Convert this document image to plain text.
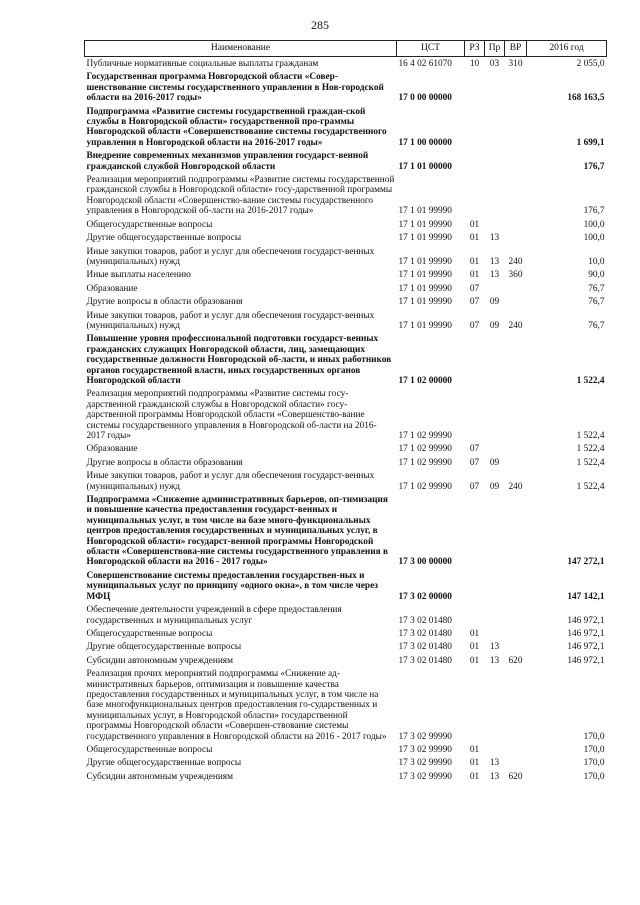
285
Наименование	ЦСТ	РЗ	Пр	ВР	2016 год
Публичные нормативные социальные выплаты гражданам	16 4 02 61070	10	03	310	2 055,0
Государственная программа Новгородской области «Совер-шенствование системы государственного управления в Нов-городской области на 2016-2017 годы»	17 0 00 00000				168 163,5
Подпрограмма «Развитие системы государственной граждан-ской службы в Новгородской области» государственной про-граммы Новгородской области «Совершенствование системы государственного управления в Новгородской области на 2016-2017 годы»	17 1 00 00000				1 699,1
Внедрение современных механизмов управления государст-венной гражданской службой Новгородской области	17 1 01 00000				176,7
Реализация мероприятий подпрограммы «Развитие системы государственной гражданской службы в Новгородской области» госу-дарственной программы Новгородской области «Совершенство-вание системы государственного управления в Новгородской об-ласти на 2016-2017 годы»	17 1 01 99990				176,7
Общегосударственные вопросы	17 1 01 99990	01			100,0
Другие общегосударственные вопросы	17 1 01 99990	01	13		100,0
Иные закупки товаров, работ и услуг для обеспечения государст-венных (муниципальных) нужд	17 1 01 99990	01	13	240	10,0
Иные выплаты населению	17 1 01 99990	01	13	360	90,0
Образование	17 1 01 99990	07			76,7
Другие вопросы в области образования	17 1 01 99990	07	09		76,7
Иные закупки товаров, работ и услуг для обеспечения государст-венных (муниципальных) нужд	17 1 01 99990	07	09	240	76,7
Повышение уровня профессиональной подготовки государст-венных гражданских служащих Новгородской области, лиц, замещающих государственные должности Новгородской об-ласти, и иных работников органов государственной власти, иных государственных органов Новгородской области	17 1 02 00000				1 522,4
Реализация мероприятий подпрограммы «Развитие системы госу-дарственной гражданской службы в Новгородской области» госу-дарственной программы Новгородской области «Совершенство-вание системы государственного управления в Новгородской об-ласти на 2016-2017 годы»	17 1 02 99990				1 522,4
Образование	17 1 02 99990	07			1 522,4
Другие вопросы в области образования	17 1 02 99990	07	09		1 522,4
Иные закупки товаров, работ и услуг для обеспечения государст-венных (муниципальных) нужд	17 1 02 99990	07	09	240	1 522,4
Подпрограмма «Снижение административных барьеров, оп-тимизация и повышение качества предоставления государст-венных и муниципальных услуг, в том числе на базе много-функциональных центров предоставления государственных и муниципальных услуг, в Новгородской области» государст-венной программы Новгородской области «Совершенствова-ние системы государственного управления в Новгородской области на 2016 - 2017 годы»	17 3 00 00000				147 272,1
Совершенствование системы предоставления государствен-ных и муниципальных услуг по принципу «одного окна», в том числе через МФЦ	17 3 02 00000				147 142,1
Обеспечение деятельности учреждений в сфере предоставления государственных и муниципальных услуг	17 3 02 01480				146 972,1
Общегосударственные вопросы	17 3 02 01480	01			146 972,1
Другие общегосударственные вопросы	17 3 02 01480	01	13		146 972,1
Субсидии автономным учреждениям	17 3 02 01480	01	13	620	146 972,1
Реализация прочих мероприятий подпрограммы «Снижение ад-министративных барьеров, оптимизация и повышение качества предоставления государственных и муниципальных услуг, в том числе на базе многофункциональных центров предоставления го-сударственных и муниципальных услуг, в Новгородской области» государственной программы Новгородской области «Совершен-ствование системы государственного управления в Новгородской области на 2016 - 2017 годы»	17 3 02 99990				170,0
Общегосударственные вопросы	17 3 02 99990	01			170,0
Другие общегосударственные вопросы	17 3 02 99990	01	13		170,0
Субсидии автономным учреждениям	17 3 02 99990	01	13	620	170,0
